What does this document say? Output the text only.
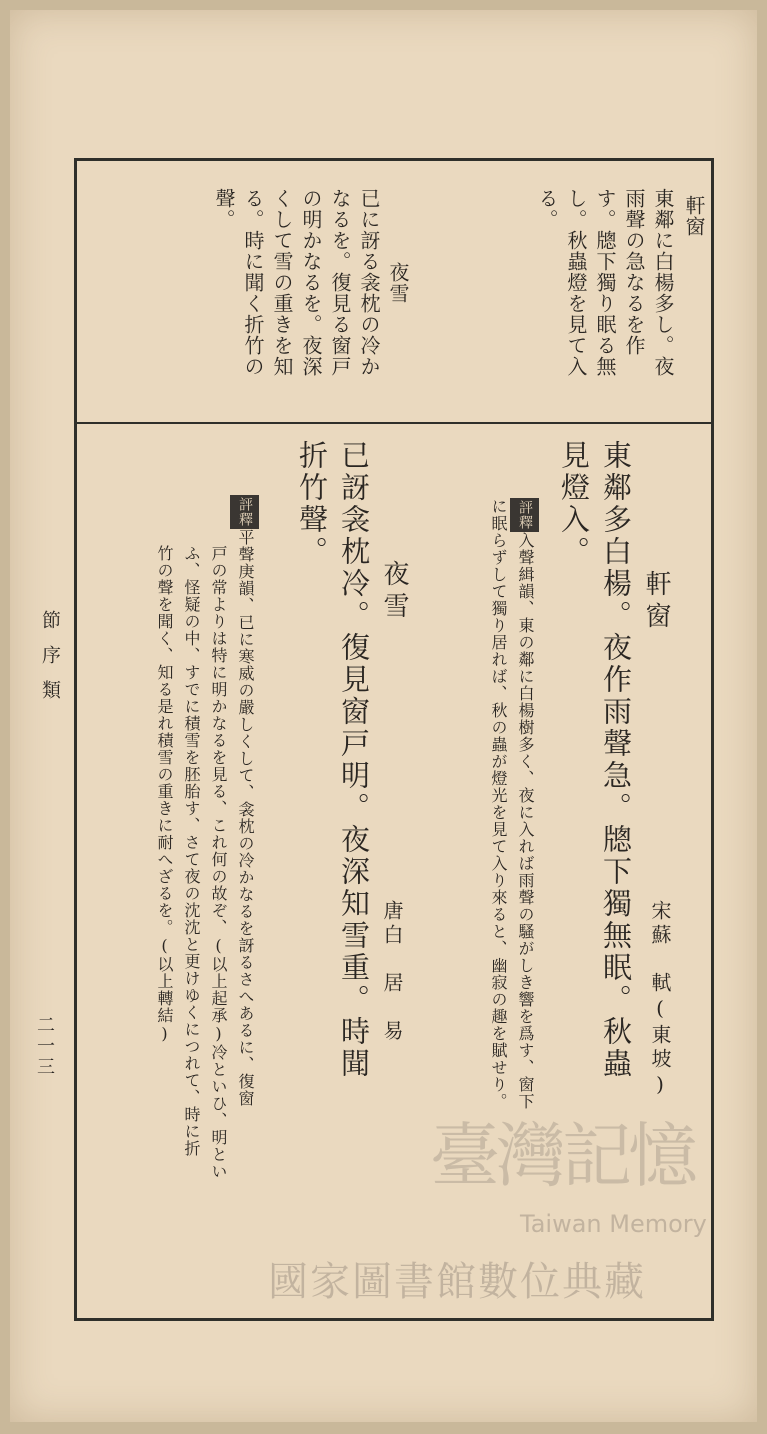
節序類
二一三
軒窗
東鄰に白楊多し。夜
雨聲の急なるを作
す。牕下獨り眠る無
し。秋蟲燈を見て入
る。
夜雪
已に訝る衾枕の冷か
なるを。復見る窗戸
の明かなるを。夜深
くして雪の重きを知
る。時に聞く折竹の
聲。
軒窗
宋蘇　軾(東坡)
東鄰多白楊。夜作雨聲急。牕下獨無眠。秋蟲
見燈入。
評釋入聲緝韻、東の鄰に白楊樹多く、夜に入れば雨聲の騷がしき響を爲す、窗下
に眠らずして獨り居れば、秋の蟲が燈光を見て入り來ると、幽寂の趣を賦せり。
夜雪
唐白　居　易
已訝衾枕冷。復見窗戸明。夜深知雪重。時聞
折竹聲。
評釋平聲庚韻、已に寒威の嚴しくして、衾枕の冷かなるを訝るさへあるに、復窗
戸の常よりは特に明かなるを見る、これ何の故ぞ、(以上起承)冷といひ、明とい
ふ、怪疑の中、すでに積雪を胚胎す、さて夜の沈沈と更けゆくにつれて、時に折
竹の聲を聞く、知る是れ積雪の重きに耐へざるを。(以上轉結)
臺灣記憶
Taiwan Memory
國家圖書館數位典藏
